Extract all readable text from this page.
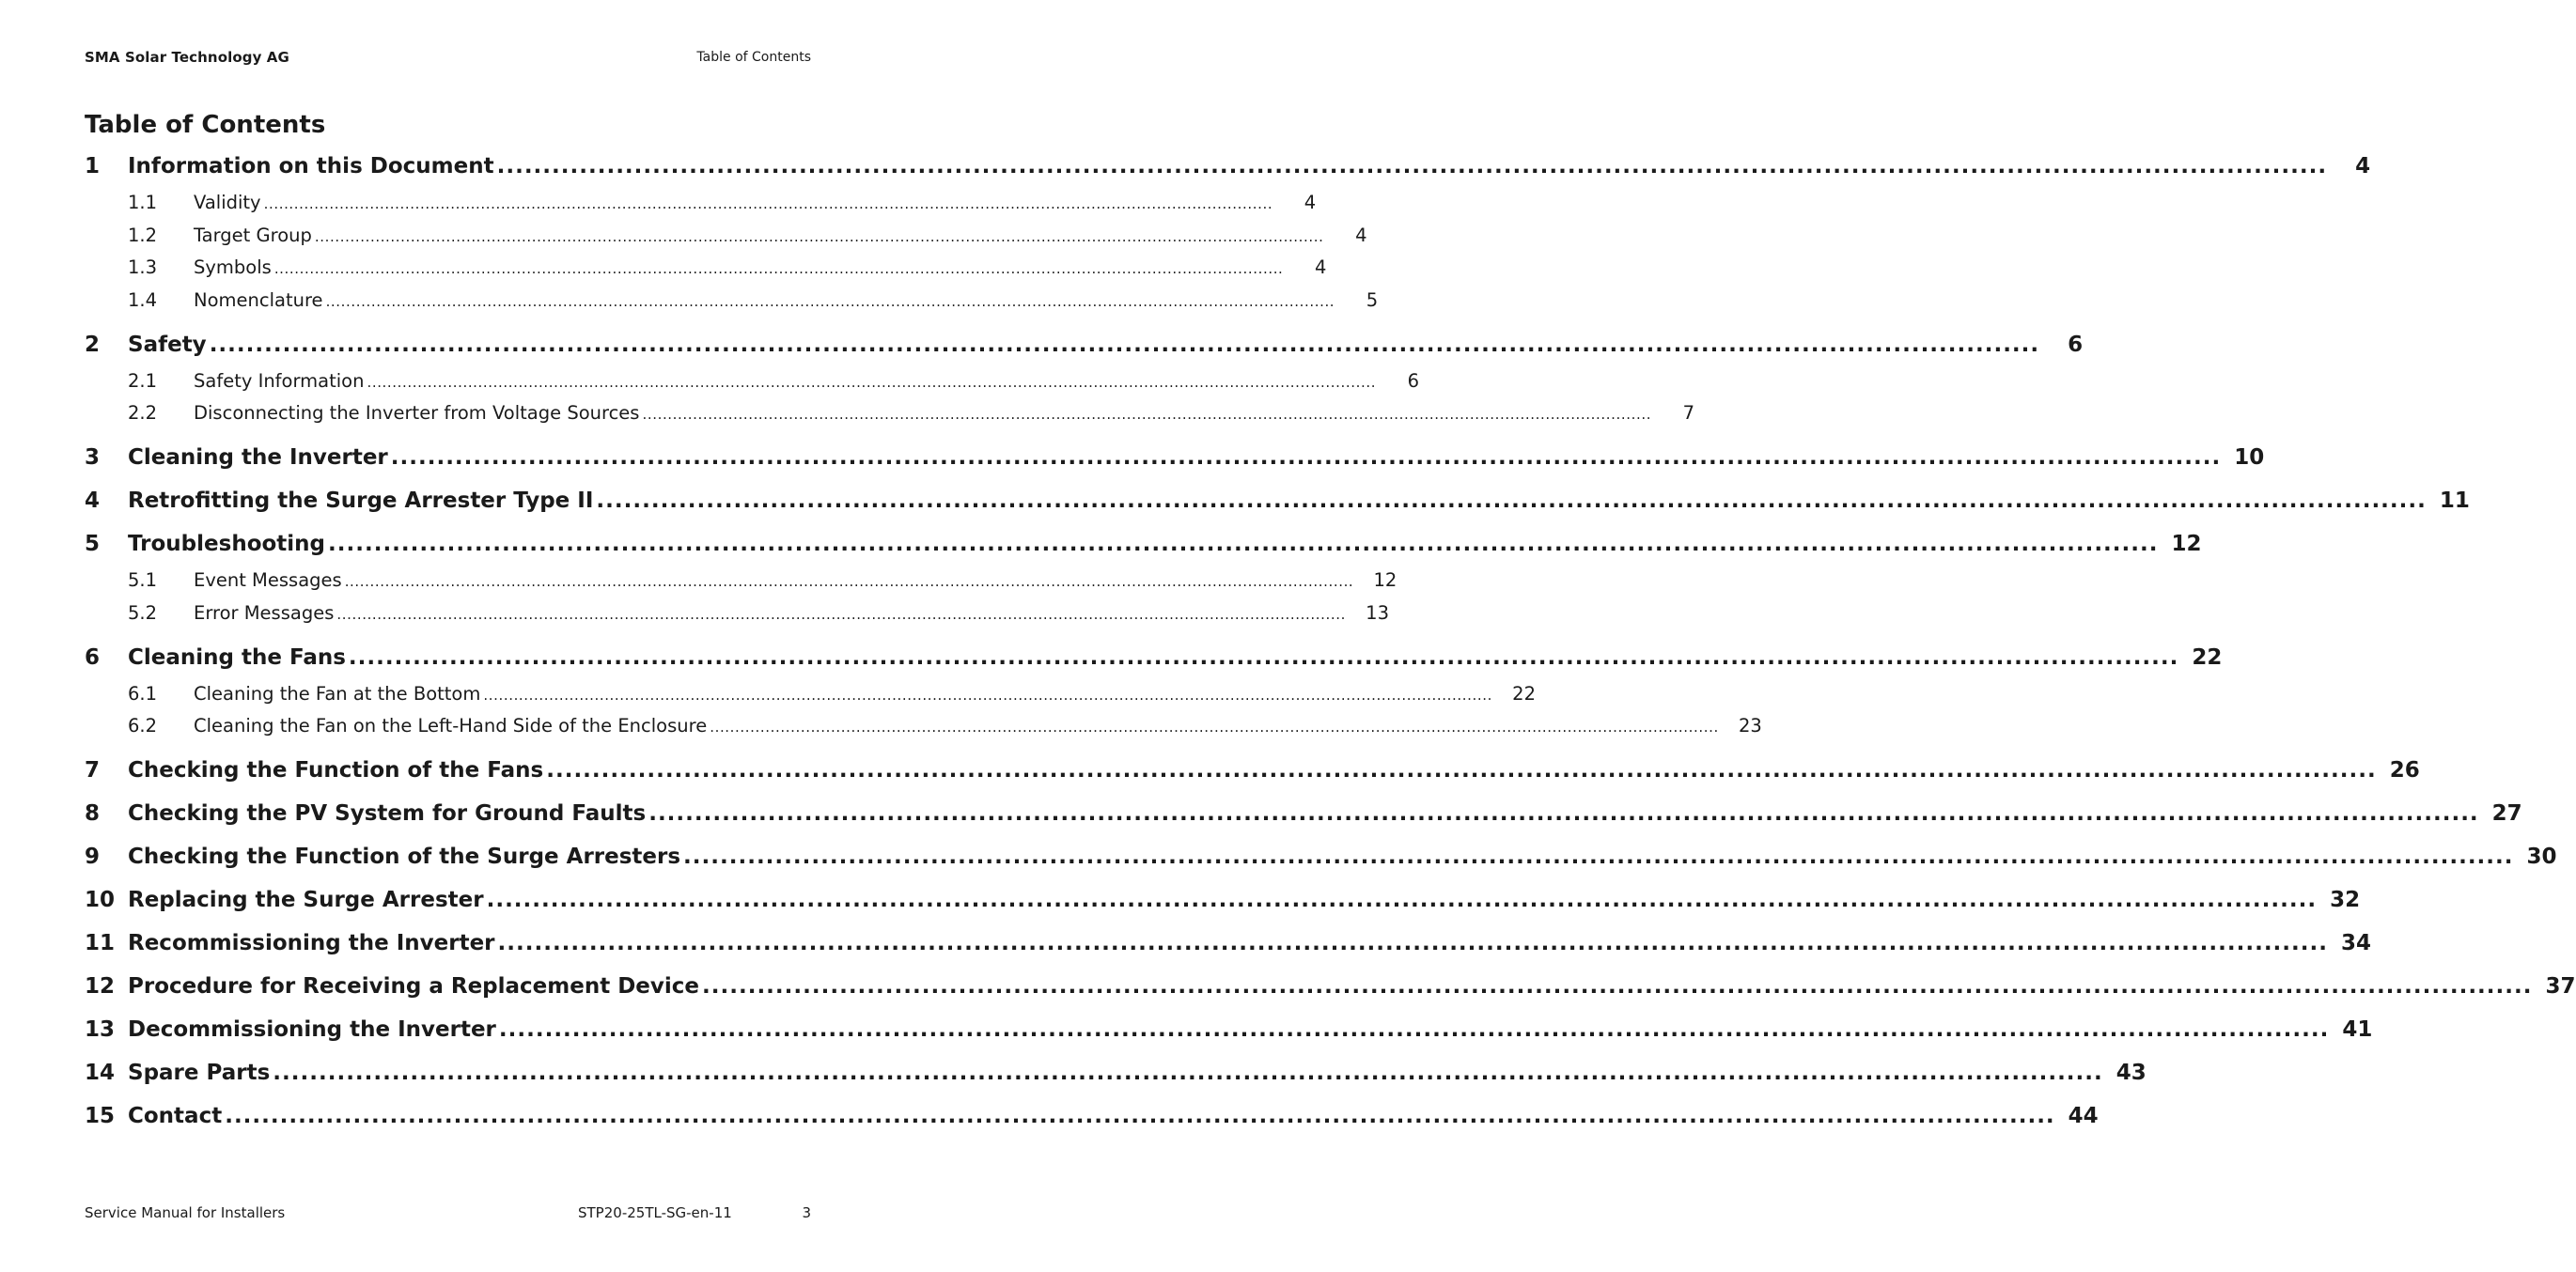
SMA Solar Technology AG	Table of Contents
Table of Contents
1	Information on this Document ........................................................................................................................................................................................................	4
1.1	Validity ........................................................................................................................................................................................................	4
1.2	Target Group ........................................................................................................................................................................................................	4
1.3	Symbols ........................................................................................................................................................................................................	4
1.4	Nomenclature ........................................................................................................................................................................................................	5
2	Safety ........................................................................................................................................................................................................	6
2.1	Safety Information ........................................................................................................................................................................................................	6
2.2	Disconnecting the Inverter from Voltage Sources ........................................................................................................................................................................................................	7
3	Cleaning the Inverter ........................................................................................................................................................................................................ 10
4	Retrofitting the Surge Arrester Type II ........................................................................................................................................................................................................ 11
5	Troubleshooting ........................................................................................................................................................................................................ 12
5.1	Event Messages ........................................................................................................................................................................................................	12
5.2	Error Messages ........................................................................................................................................................................................................	13
6	Cleaning the Fans ........................................................................................................................................................................................................ 22
6.1	Cleaning the Fan at the Bottom ........................................................................................................................................................................................................	22
6.2	Cleaning the Fan on the Left-Hand Side of the Enclosure ........................................................................................................................................................................................................	23
7	Checking the Function of the Fans ........................................................................................................................................................................................................ 26
8	Checking the PV System for Ground Faults ........................................................................................................................................................................................................ 27
9	Checking the Function of the Surge Arresters ........................................................................................................................................................................................................ 30
10 Replacing the Surge Arrester ........................................................................................................................................................................................................ 32
11 Recommissioning the Inverter ........................................................................................................................................................................................................ 34
12 Procedure for Receiving a Replacement Device ........................................................................................................................................................................................................ 37
13 Decommissioning the Inverter ........................................................................................................................................................................................................ 41
14 Spare Parts ........................................................................................................................................................................................................ 43
15 Contact ........................................................................................................................................................................................................ 44
Service Manual for Installers	STP20-25TL-SG-en-11	3
